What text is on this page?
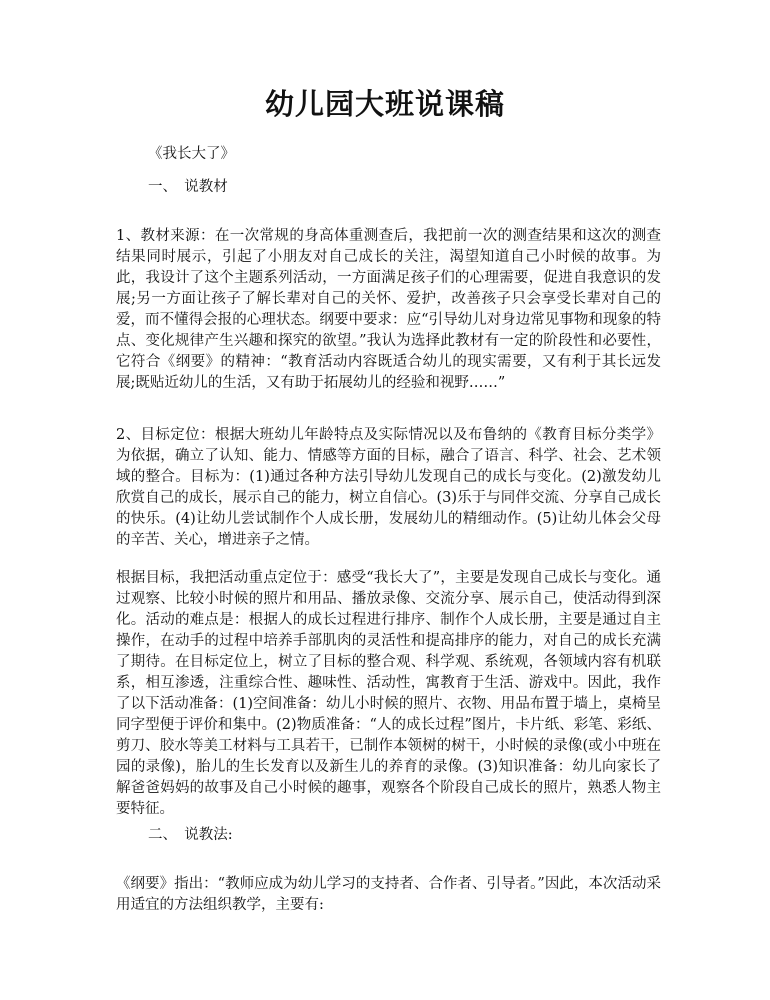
幼儿园大班说课稿

《我长大了》

一、　说教材

1、教材来源：在一次常规的身高体重测查后，我把前一次的测查结果和这次的测查结果同时展示，引起了小朋友对自己成长的关注，渴望知道自己小时候的故事。为此，我设计了这个主题系列活动，一方面满足孩子们的心理需要，促进自我意识的发展;另一方面让孩子了解长辈对自己的关怀、爱护，改善孩子只会享受长辈对自己的爱，而不懂得会报的心理状态。纲要中要求：应“引导幼儿对身边常见事物和现象的特点、变化规律产生兴趣和探究的欲望。”我认为选择此教材有一定的阶段性和必要性，它符合《纲要》的精神：“教育活动内容既适合幼儿的现实需要，又有利于其长远发展;既贴近幼儿的生活，又有助于拓展幼儿的经验和视野……”

2、目标定位：根据大班幼儿年龄特点及实际情况以及布鲁纳的《教育目标分类学》为依据，确立了认知、能力、情感等方面的目标，融合了语言、科学、社会、艺术领域的整合。目标为：(1)通过各种方法引导幼儿发现自己的成长与变化。(2)激发幼儿欣赏自己的成长，展示自己的能力，树立自信心。(3)乐于与同伴交流、分享自己成长的快乐。(4)让幼儿尝试制作个人成长册，发展幼儿的精细动作。(5)让幼儿体会父母的辛苦、关心，增进亲子之情。

根据目标，我把活动重点定位于：感受“我长大了”，主要是发现自己成长与变化。通过观察、比较小时候的照片和用品、播放录像、交流分享、展示自己，使活动得到深化。活动的难点是：根据人的成长过程进行排序、制作个人成长册，主要是通过自主操作，在动手的过程中培养手部肌肉的灵活性和提高排序的能力，对自己的成长充满了期待。在目标定位上，树立了目标的整合观、科学观、系统观，各领域内容有机联系，相互渗透，注重综合性、趣味性、活动性，寓教育于生活、游戏中。因此，我作了以下活动准备：(1)空间准备：幼儿小时候的照片、衣物、用品布置于墙上，桌椅呈同字型便于评价和集中。(2)物质准备：“人的成长过程”图片，卡片纸、彩笔、彩纸、剪刀、胶水等美工材料与工具若干，已制作本领树的树干，小时候的录像(或小中班在园的录像)，胎儿的生长发育以及新生儿的养育的录像。(3)知识准备：幼儿向家长了解爸爸妈妈的故事及自己小时候的趣事，观察各个阶段自己成长的照片，熟悉人物主要特征。

二、　说教法:

《纲要》指出：“教师应成为幼儿学习的支持者、合作者、引导者。”因此，本次活动采用适宜的方法组织教学，主要有:
